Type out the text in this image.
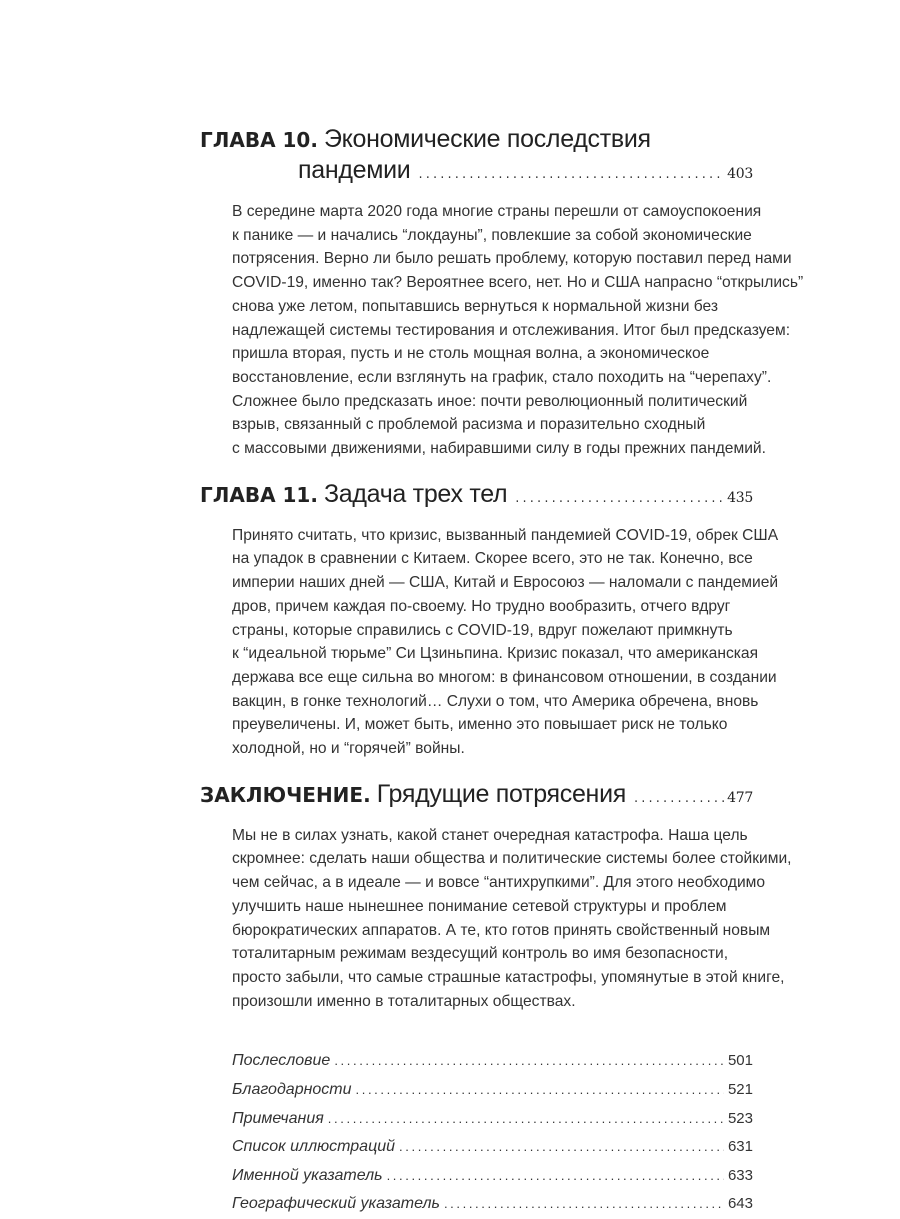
ГЛАВА 10. Экономические последствия
пандемии . . .	403
В середине марта 2020 года многие страны перешли от самоуспокоения
к панике — и начались “локдауны”, повлекшие за собой экономические
потрясения. Верно ли было решать проблему, которую поставил перед нами
COVID-19, именно так? Вероятнее всего, нет. Но и США напрасно “открылись”
снова уже летом, попытавшись вернуться к нормальной жизни без
надлежащей системы тестирования и отслеживания. Итог был предсказуем:
пришла вторая, пусть и не столь мощная волна, а экономическое
восстановление, если взглянуть на график, стало походить на “черепаху”.
Сложнее было предсказать иное: почти революционный политический
взрыв, связанный с проблемой расизма и поразительно сходный
с массовыми движениями, набиравшими силу в годы прежних пандемий.
ГЛАВА 11. Задача трех тел . . .	435
Принято считать, что кризис, вызванный пандемией COVID-19, обрек США
на упадок в сравнении с Китаем. Скорее всего, это не так. Конечно, все
империи наших дней — США, Китай и Евросоюз — наломали с пандемией
дров, причем каждая по-своему. Но трудно вообразить, отчего вдруг
страны, которые справились с COVID-19, вдруг пожелают примкнуть
к “идеальной тюрьме” Си Цзиньпина. Кризис показал, что американская
держава все еще сильна во многом: в финансовом отношении, в создании
вакцин, в гонке технологий… Слухи о том, что Америка обречена, вновь
преувеличены. И, может быть, именно это повышает риск не только
холодной, но и “горячей” войны.
ЗАКЛЮЧЕНИЕ. Грядущие потрясения . . .	477
Мы не в силах узнать, какой станет очередная катастрофа. Наша цель
скромнее: сделать наши общества и политические системы более стойкими,
чем сейчас, а в идеале — и вовсе “антихрупкими”. Для этого необходимо
улучшить наше нынешнее понимание сетевой структуры и проблем
бюрократических аппаратов. А те, кто готов принять свойственный новым
тоталитарным режимам вездесущий контроль во имя безопасности,
просто забыли, что самые страшные катастрофы, упомянутые в этой книге,
произошли именно в тоталитарных обществах.
Послесловие . . .	501
Благодарности . . .	521
Примечания . . .	523
Список иллюстраций . . .	631
Именной указатель . . .	633
Географический указатель . . .	643
